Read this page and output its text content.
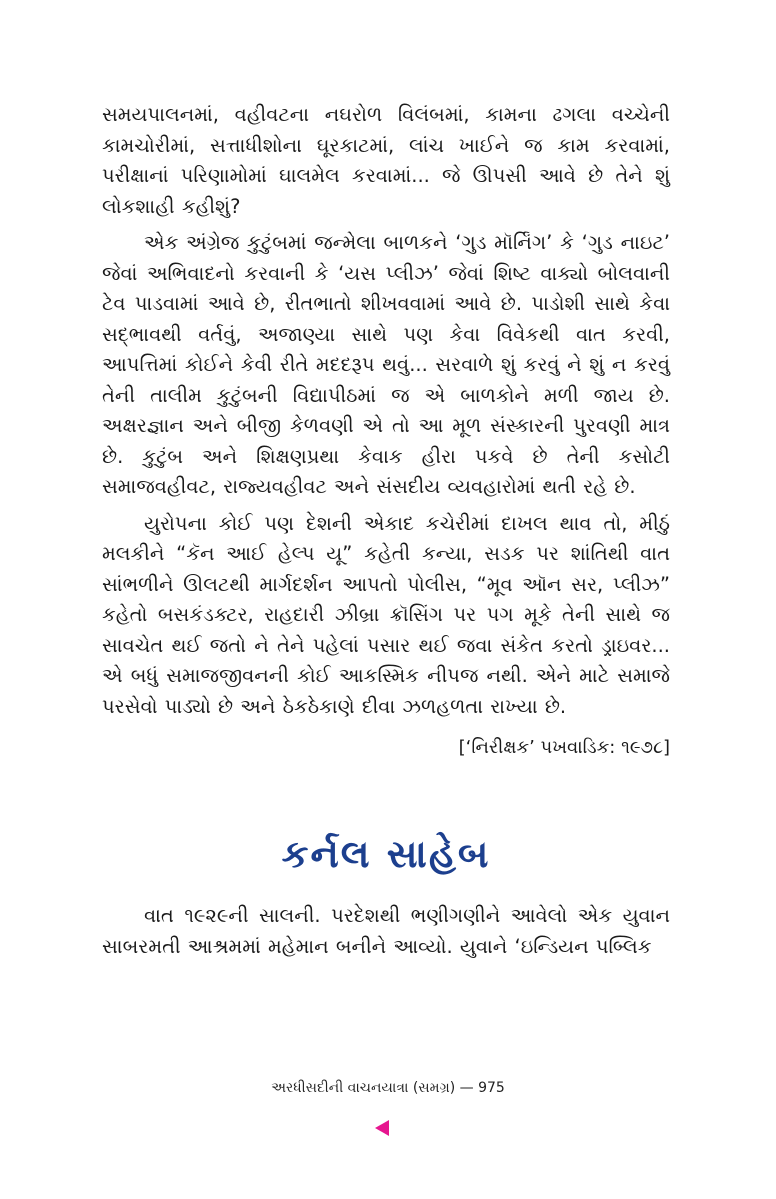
સમયપાલનમાં, વહીવટના નઘરોળ વિલંબમાં, કામના ઢગલા વચ્ચેની કામચોરીમાં, સત્તાધીશોના ઘૂરકાટમાં, લાંચ ખાઈને જ કામ કરવામાં, પરીક્ષાનાં પરિણામોમાં ઘાલમેલ કરવામાં... જે ઊપસી આવે છે તેને શું લોકશાહી કહીશું?

એક અંગ્રેજ કુટુંબમાં જન્મેલા બાળકને ‘ગુડ મૉર્નિંગ’ કે ‘ગુડ નાઇટ’ જેવાં અભિવાદનો કરવાની કે ‘યસ પ્લીઝ’ જેવાં શિષ્ટ વાક્યો બોલવાની ટેવ પાડવામાં આવે છે, રીતભાતો શીખવવામાં આવે છે. પાડોશી સાથે કેવા સદ્ભાવથી વર્તવું, અજાણ્યા સાથે પણ કેવા વિવેકથી વાત કરવી, આપત્તિમાં કોઈને કેવી રીતે મદદરૂપ થવું... સરવાળે શું કરવું ને શું ન કરવું તેની તાલીમ કુટુંબની વિદ્યાપીઠમાં જ એ બાળકોને મળી જાય છે. અક્ષરજ્ઞાન અને બીજી કેળવણી એ તો આ મૂળ સંસ્કારની પુરવણી માત્ર છે. કુટુંબ અને શિક્ષણપ્રથા કેવાક હીરા પકવે છે તેની કસોટી સમાજવહીવટ, રાજ્યવહીવટ અને સંસદીય વ્યવહારોમાં થતી રહે છે.

યુરોપના કોઈ પણ દેશની એકાદ કચેરીમાં દાખલ થાવ તો, મીઠું મલકીને “કૅન આઈ હેલ્પ યૂ” કહેતી કન્યા, સડક પર શાંતિથી વાત સાંભળીને ઊલટથી માર્ગદર્શન આપતો પોલીસ, “મૂવ ઑન સર, પ્લીઝ” કહેતો બસકંડક્ટર, રાહદારી ઝીબ્રા ક્રૉસિંગ પર પગ મૂકે તેની સાથે જ સાવચેત થઈ જતો ને તેને પહેલાં પસાર થઈ જવા સંકેત કરતો ડ્રાઇવર... એ બધું સમાજજીવનની કોઈ આકસ્મિક નીપજ નથી. એને માટે સમાજે પરસેવો પાડ્યો છે અને ઠેકઠેકાણે દીવા ઝળહળતા રાખ્યા છે.

[‘નિરીક્ષક’ પખવાડિક: ૧૯૭૮]

કર્નલ સાહેબ

વાત ૧૯૨૯ની સાલની. પરદેશથી ભણીગણીને આવેલો એક યુવાન સાબરમતી આશ્રમમાં મહેમાન બનીને આવ્યો. યુવાને ‘ઇન્ડિયન પબ્લિક

અરધીસદીની વાચનયાત્રા (સમગ્ર) — 975
